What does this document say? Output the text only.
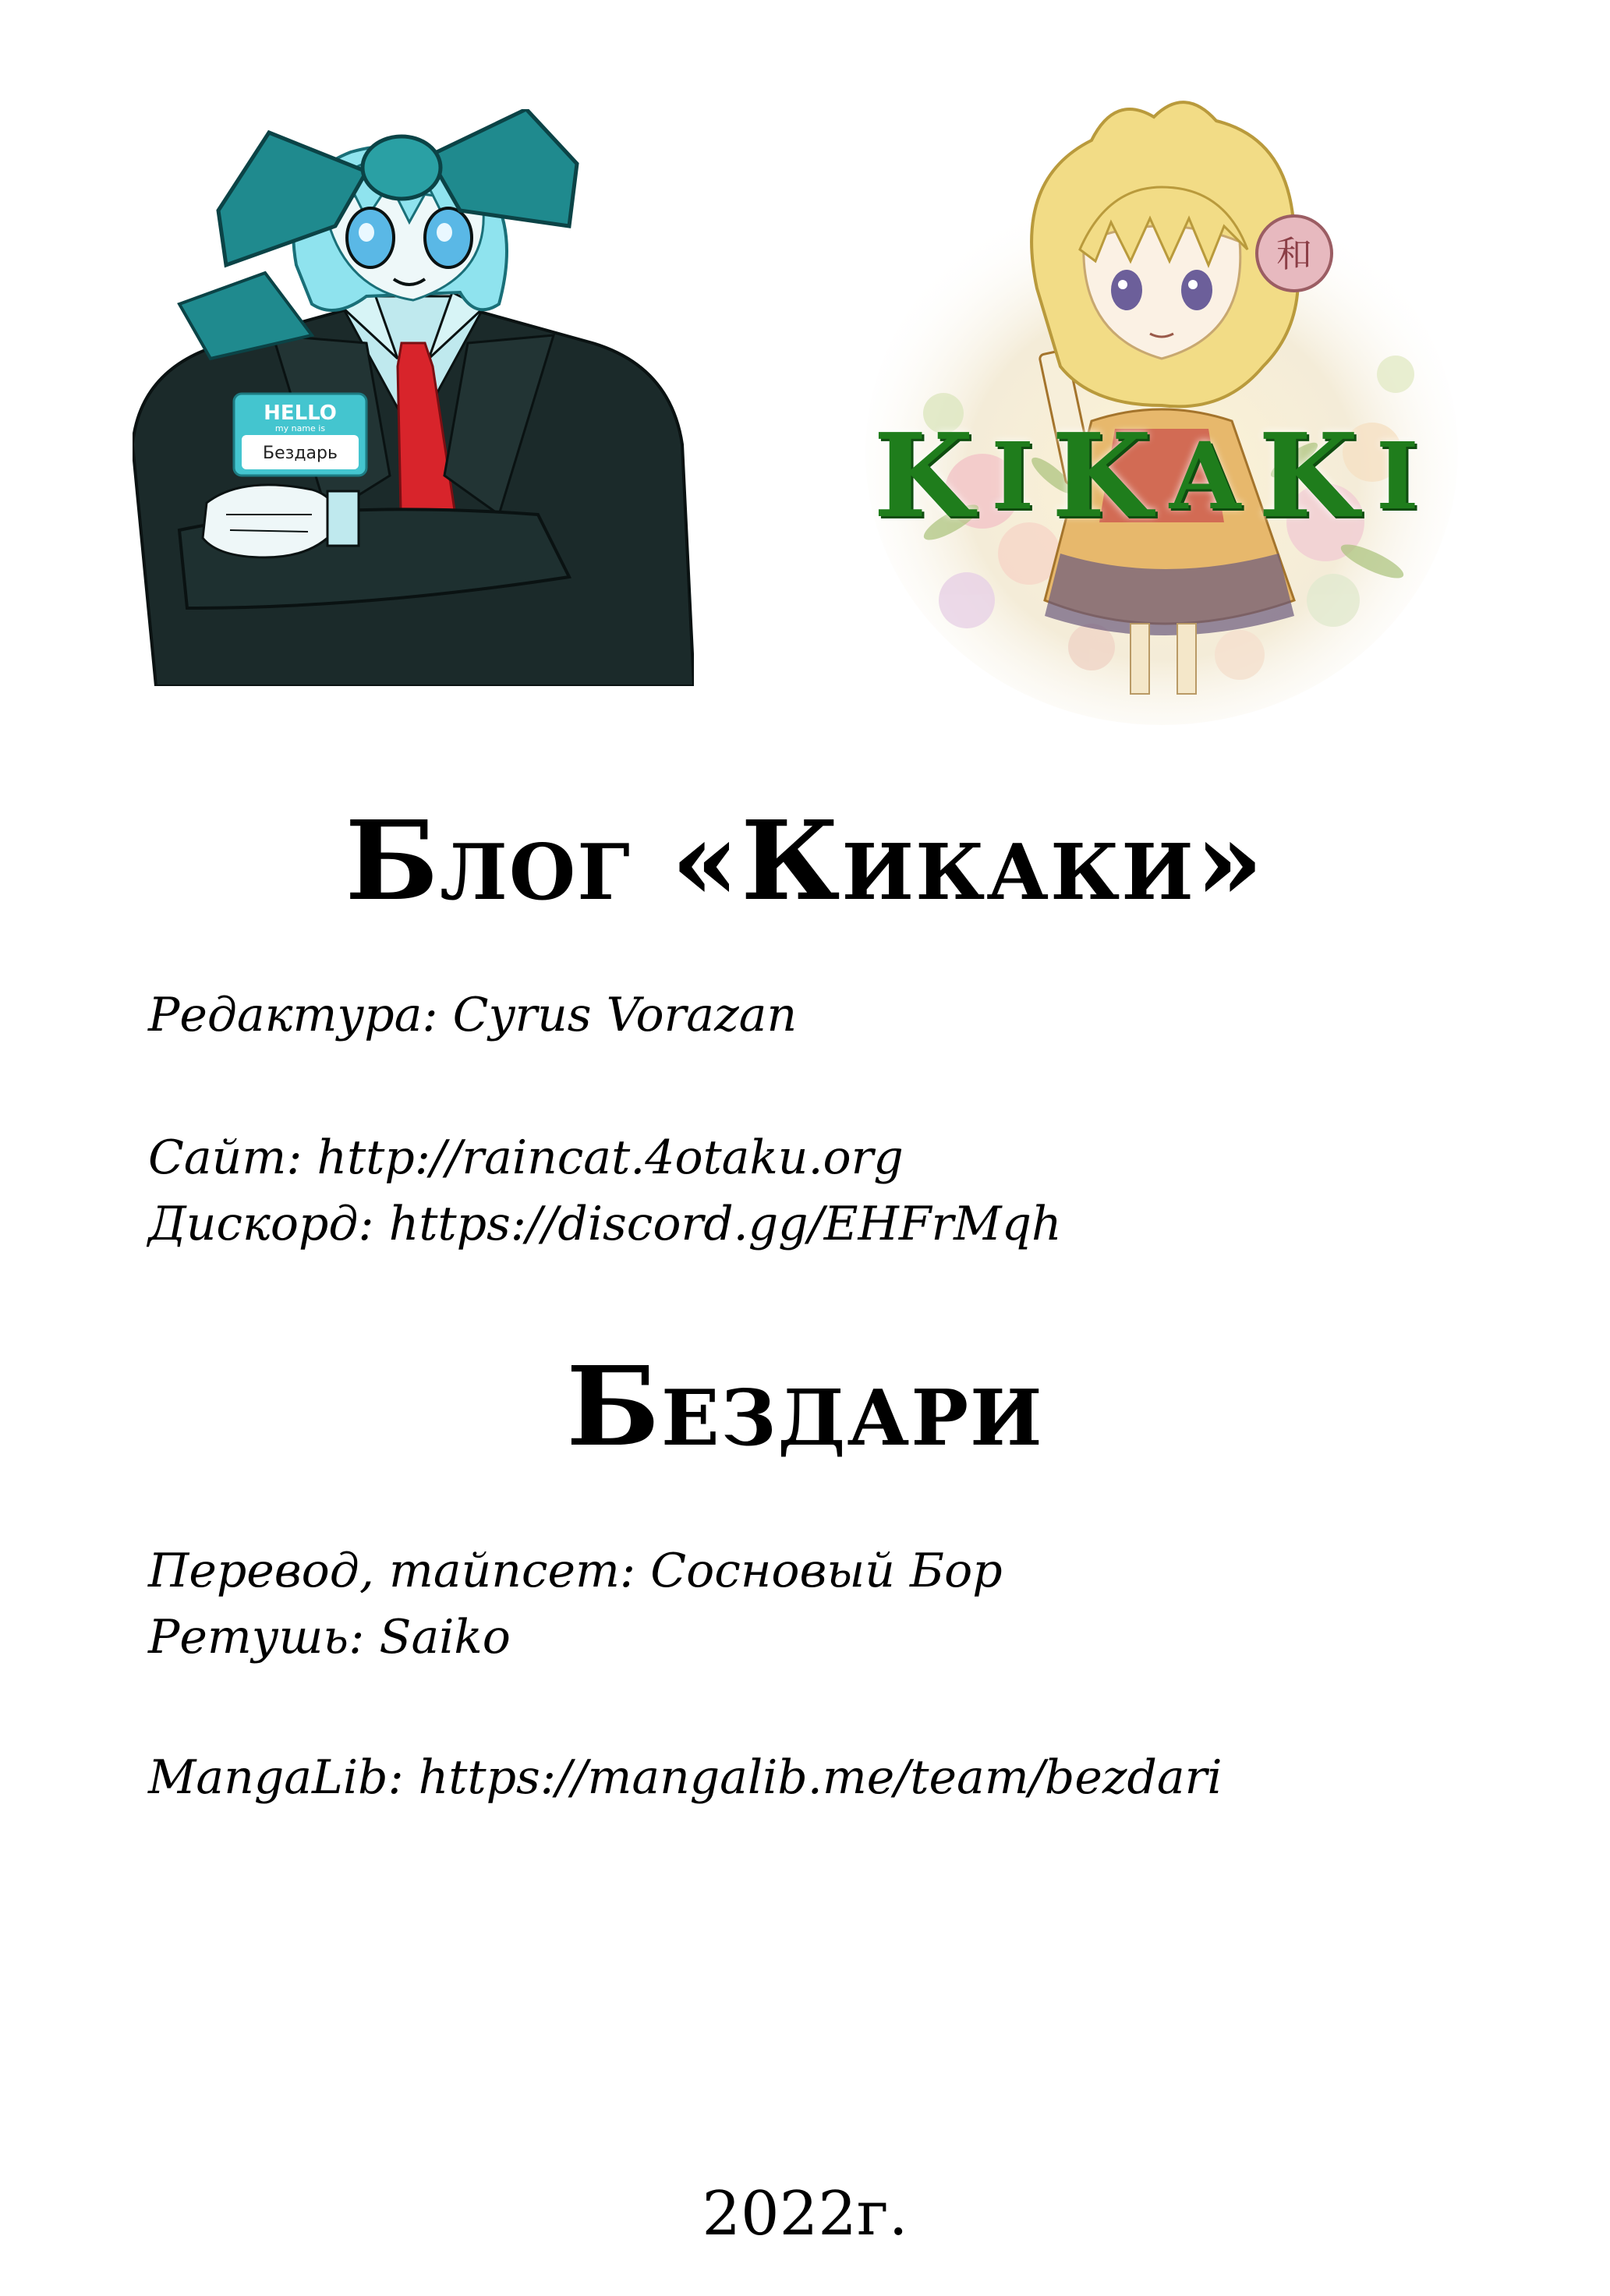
HELLO
my name is
Бездарь
和
K I K A K I
Блог «Кикаки»

Редактура: Cyrus Vorazan

Сайт: http://raincat.4otaku.org

Дискорд: https://discord.gg/EHFrMqh

Бездари

Перевод, тайпсет: Сосновый Бор

Ретушь: Saiko

MangaLib: https://mangalib.me/team/bezdari

2022г.
